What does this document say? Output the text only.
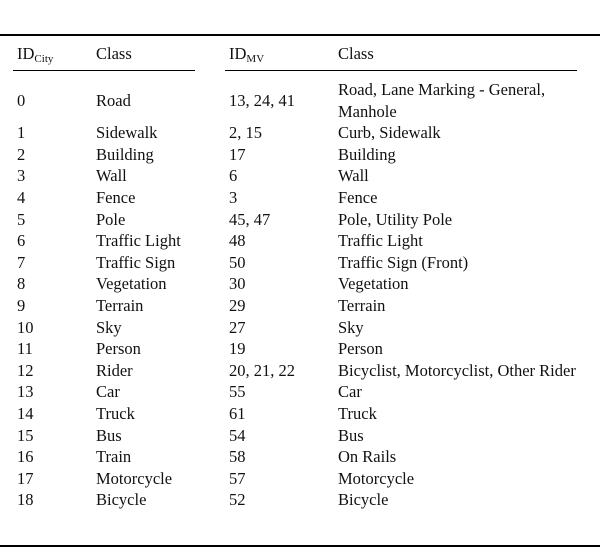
$ID_{City}$	Class	$ID_{MV}$	Class
0	Road	13, 24, 41	Road, Lane Marking - General, Manhole
1	Sidewalk	2, 15	Curb, Sidewalk
2	Building	17	Building
3	Wall	6	Wall
4	Fence	3	Fence
5	Pole	45, 47	Pole, Utility Pole
6	Traffic Light	48	Traffic Light
7	Traffic Sign	50	Traffic Sign (Front)
8	Vegetation	30	Vegetation
9	Terrain	29	Terrain
10	Sky	27	Sky
11	Person	19	Person
12	Rider	20, 21, 22	Bicyclist, Motorcyclist, Other Rider
13	Car	55	Car
14	Truck	61	Truck
15	Bus	54	Bus
16	Train	58	On Rails
17	Motorcycle	57	Motorcycle
18	Bicycle	52	Bicycle
